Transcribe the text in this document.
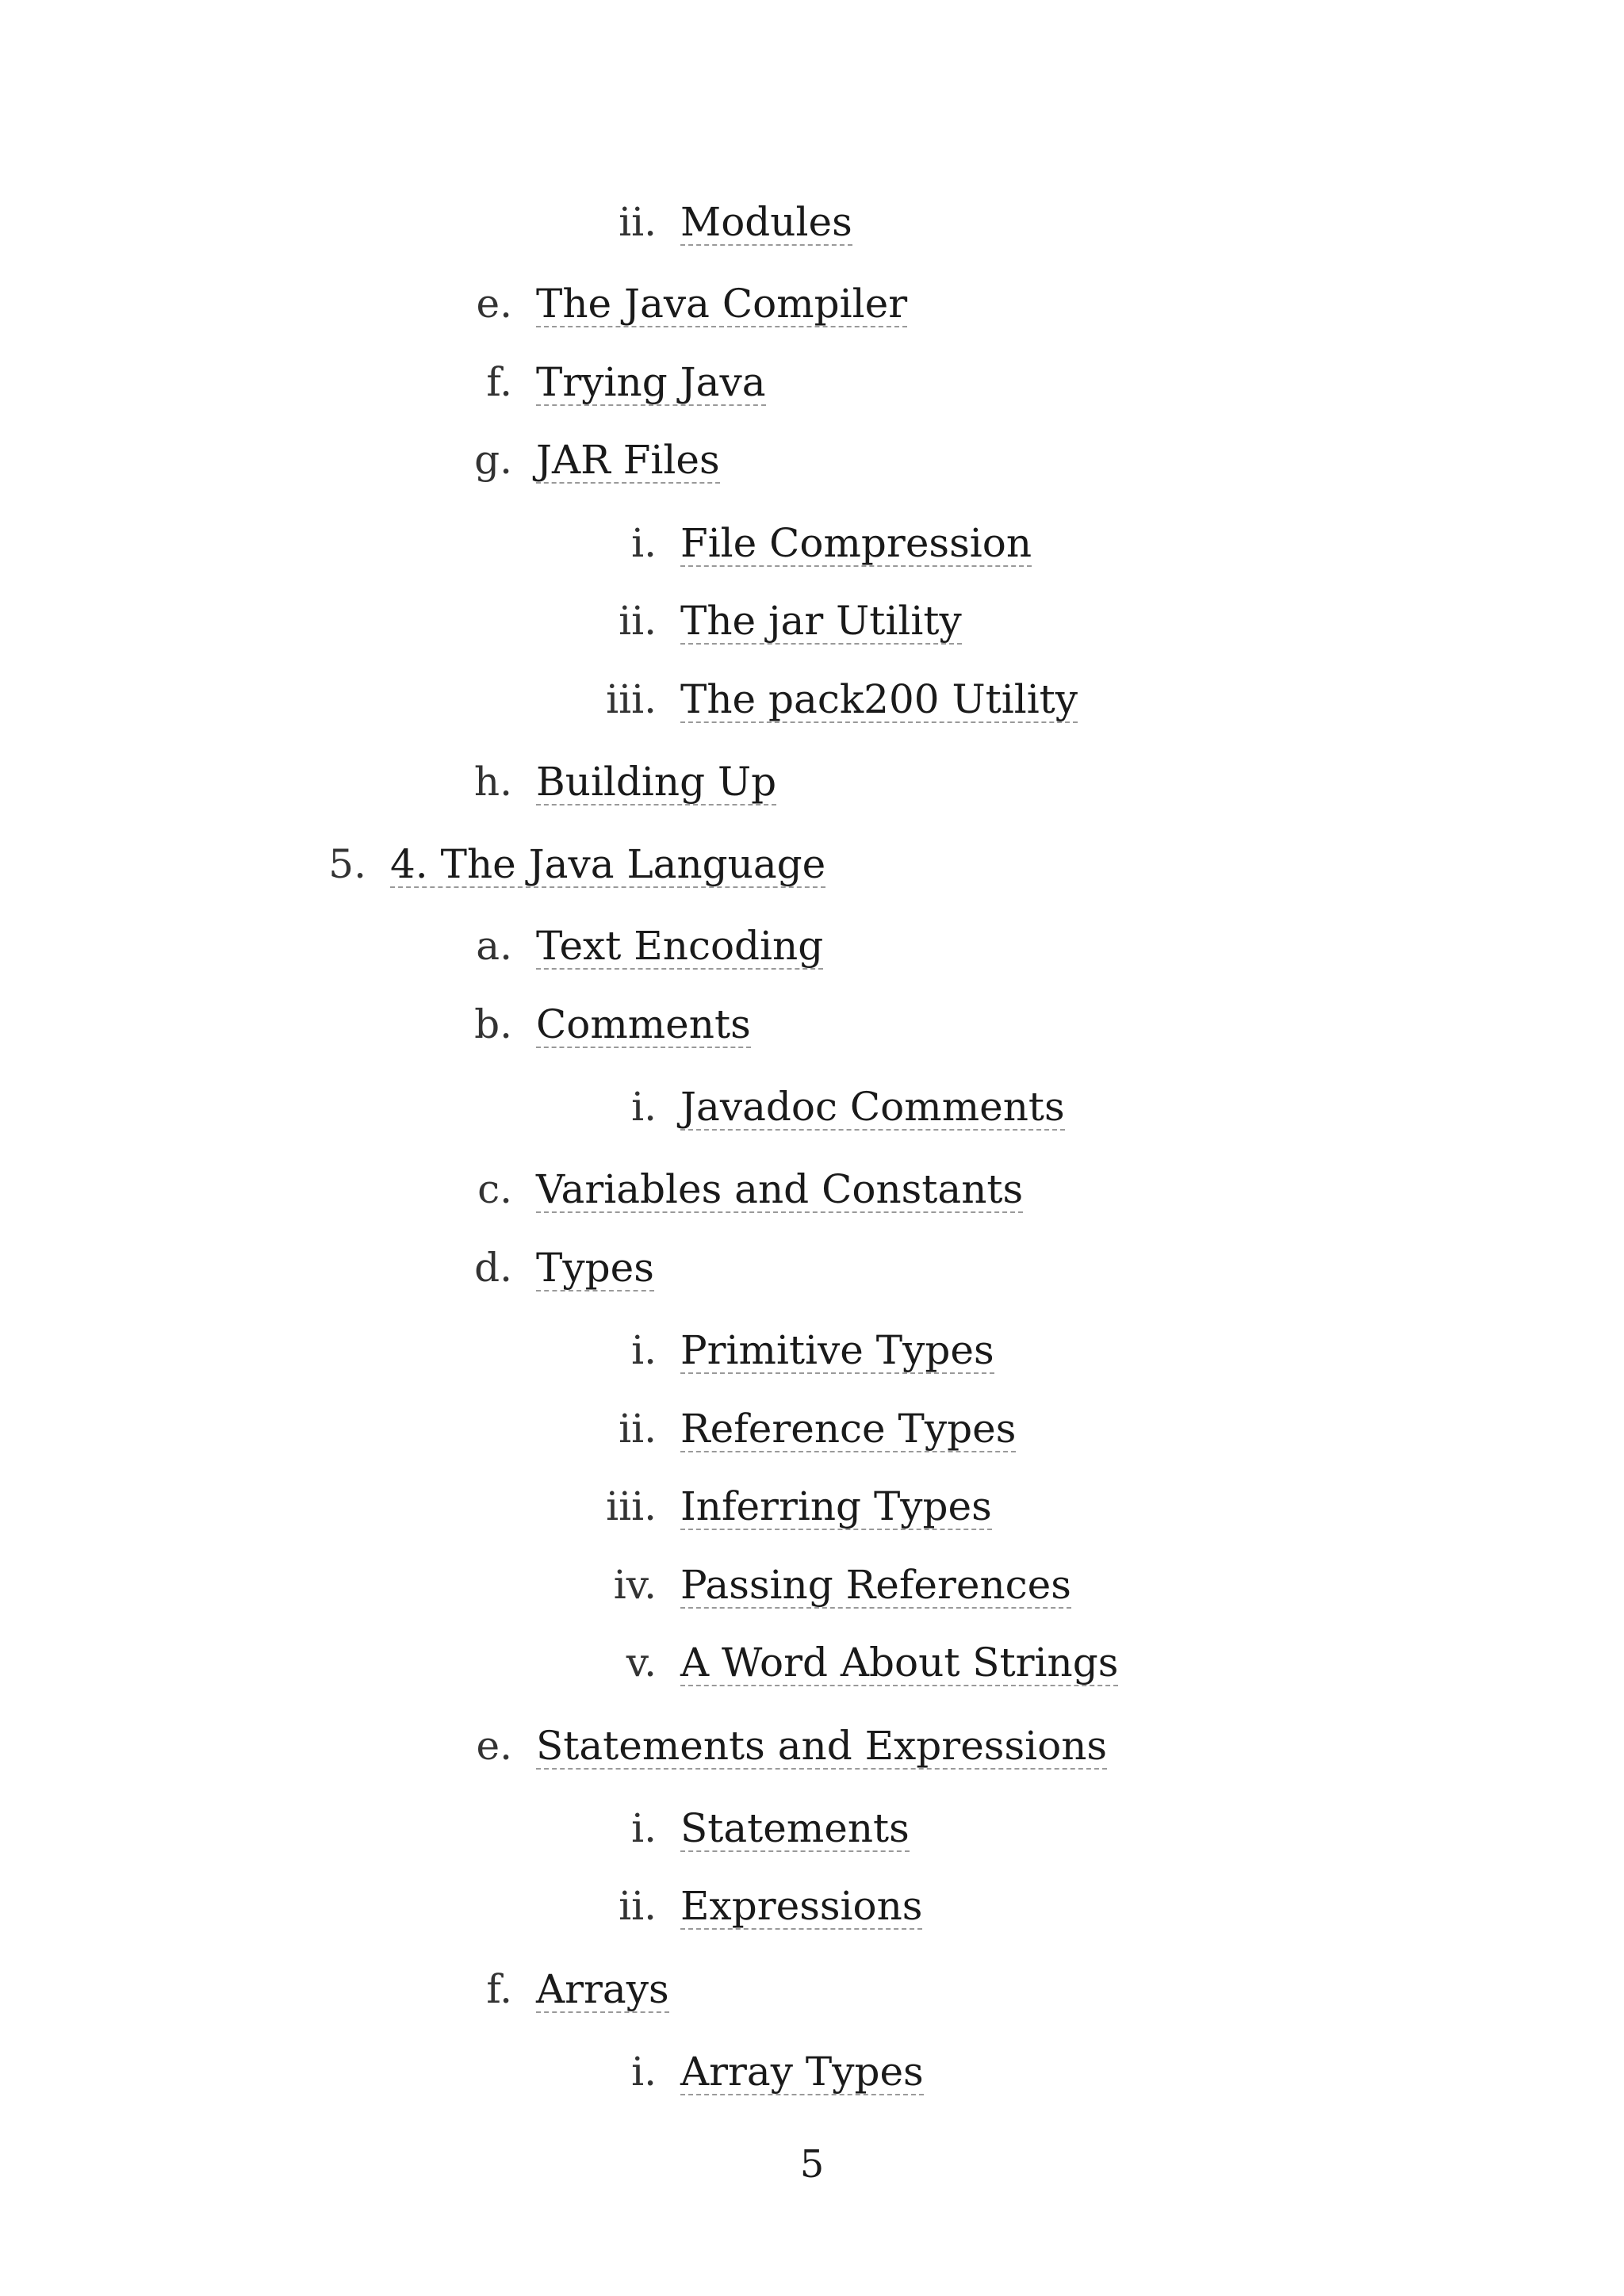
ii. Modules
e. The Java Compiler
f. Trying Java
g. JAR Files
i. File Compression
ii. The jar Utility
iii. The pack200 Utility
h. Building Up
5. 4. The Java Language
a. Text Encoding
b. Comments
i. Javadoc Comments
c. Variables and Constants
d. Types
i. Primitive Types
ii. Reference Types
iii. Inferring Types
iv. Passing References
v. A Word About Strings
e. Statements and Expressions
i. Statements
ii. Expressions
f. Arrays
i. Array Types
5
